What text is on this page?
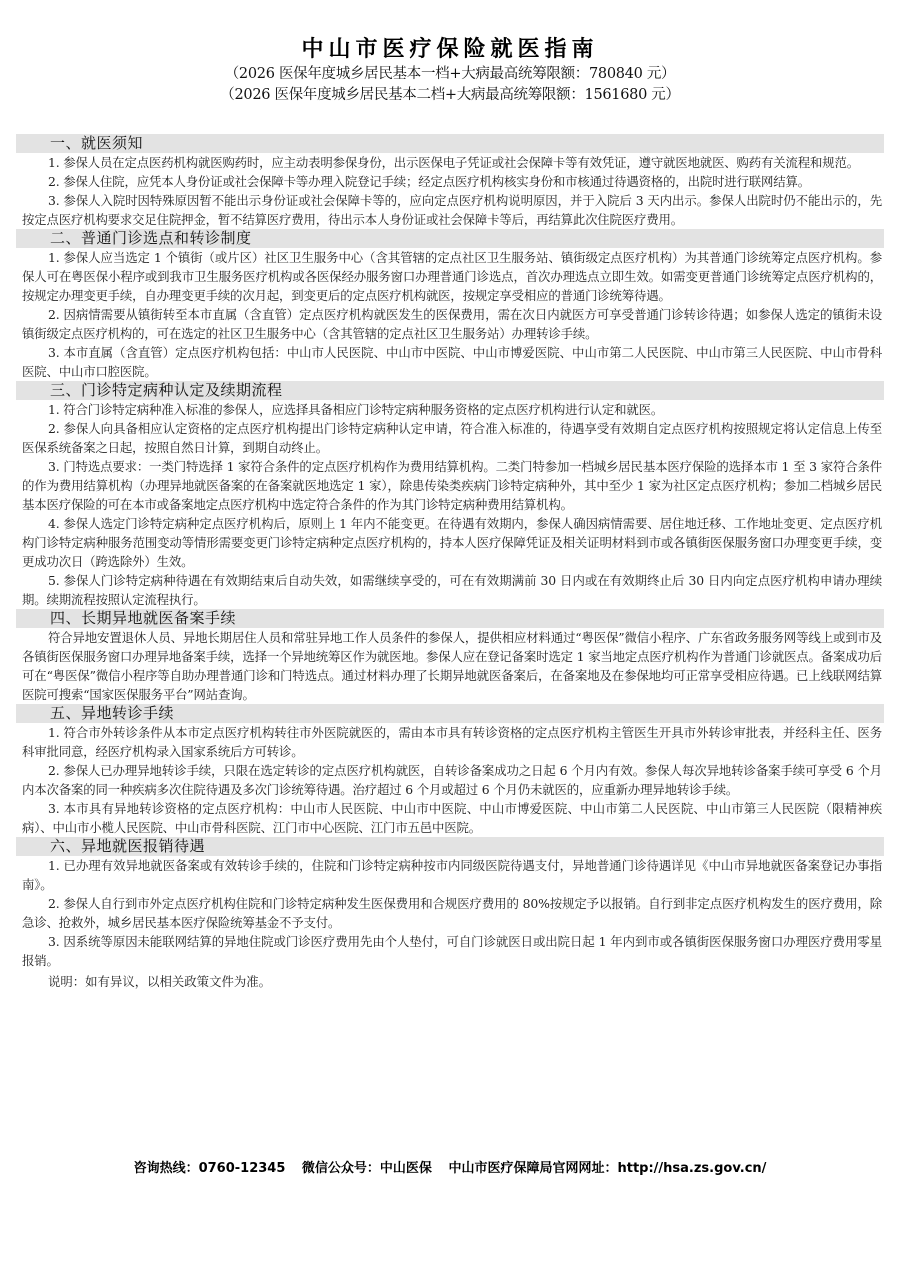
中山市医疗保险就医指南
（2026 医保年度城乡居民基本一档+大病最高统筹限额：780840 元）
（2026 医保年度城乡居民基本二档+大病最高统筹限额：1561680 元）
一、就医须知

1. 参保人员在定点医药机构就医购药时，应主动表明参保身份，出示医保电子凭证或社会保障卡等有效凭证，遵守就医地就医、购药有关流程和规范。

2. 参保人住院，应凭本人身份证或社会保障卡等办理入院登记手续；经定点医疗机构核实身份和市核通过待遇资格的，出院时进行联网结算。

3. 参保人入院时因特殊原因暂不能出示身份证或社会保障卡等的，应向定点医疗机构说明原因，并于入院后 3 天内出示。参保人出院时仍不能出示的，先按定点医疗机构要求交足住院押金，暂不结算医疗费用，待出示本人身份证或社会保障卡等后，再结算此次住院医疗费用。

二、普通门诊选点和转诊制度

1. 参保人应当选定 1 个镇街（或片区）社区卫生服务中心（含其管辖的定点社区卫生服务站、镇街级定点医疗机构）为其普通门诊统筹定点医疗机构。参保人可在粤医保小程序或到我市卫生服务医疗机构或各医保经办服务窗口办理普通门诊选点，首次办理选点立即生效。如需变更普通门诊统筹定点医疗机构的，按规定办理变更手续，自办理变更手续的次月起，到变更后的定点医疗机构就医，按规定享受相应的普通门诊统筹待遇。

2. 因病情需要从镇街转至本市直属（含直管）定点医疗机构就医发生的医保费用，需在次日内就医方可享受普通门诊转诊待遇；如参保人选定的镇街未设镇街级定点医疗机构的，可在选定的社区卫生服务中心（含其管辖的定点社区卫生服务站）办理转诊手续。

3. 本市直属（含直管）定点医疗机构包括：中山市人民医院、中山市中医院、中山市博爱医院、中山市第二人民医院、中山市第三人民医院、中山市骨科医院、中山市口腔医院。

三、门诊特定病种认定及续期流程

1. 符合门诊特定病种准入标准的参保人，应选择具备相应门诊特定病种服务资格的定点医疗机构进行认定和就医。

2. 参保人向具备相应认定资格的定点医疗机构提出门诊特定病种认定申请，符合准入标准的，待遇享受有效期自定点医疗机构按照规定将认定信息上传至医保系统备案之日起，按照自然日计算，到期自动终止。

3. 门特选点要求：一类门特选择 1 家符合条件的定点医疗机构作为费用结算机构。二类门特参加一档城乡居民基本医疗保险的选择本市 1 至 3 家符合条件的作为费用结算机构（办理异地就医备案的在备案就医地选定 1 家），除患传染类疾病门诊特定病种外，其中至少 1 家为社区定点医疗机构；参加二档城乡居民基本医疗保险的可在本市或备案地定点医疗机构中选定符合条件的作为其门诊特定病种费用结算机构。

4. 参保人选定门诊特定病种定点医疗机构后，原则上 1 年内不能变更。在待遇有效期内，参保人确因病情需要、居住地迁移、工作地址变更、定点医疗机构门诊特定病种服务范围变动等情形需要变更门诊特定病种定点医疗机构的，持本人医疗保障凭证及相关证明材料到市或各镇街医保服务窗口办理变更手续，变更成功次日（跨选除外）生效。

5. 参保人门诊特定病种待遇在有效期结束后自动失效，如需继续享受的，可在有效期满前 30 日内或在有效期终止后 30 日内向定点医疗机构申请办理续期。续期流程按照认定流程执行。

四、长期异地就医备案手续

符合异地安置退休人员、异地长期居住人员和常驻异地工作人员条件的参保人，提供相应材料通过“粤医保”微信小程序、广东省政务服务网等线上或到市及各镇街医保服务窗口办理异地备案手续，选择一个异地统筹区作为就医地。参保人应在登记备案时选定 1 家当地定点医疗机构作为普通门诊就医点。备案成功后可在“粤医保”微信小程序等自助办理普通门诊和门特选点。通过材料办理了长期异地就医备案后，在备案地及在参保地均可正常享受相应待遇。已上线联网结算医院可搜索“国家医保服务平台”网站查询。

五、异地转诊手续

1. 符合市外转诊条件从本市定点医疗机构转往市外医院就医的，需由本市具有转诊资格的定点医疗机构主管医生开具市外转诊审批表，并经科主任、医务科审批同意，经医疗机构录入国家系统后方可转诊。

2. 参保人已办理异地转诊手续，只限在选定转诊的定点医疗机构就医，自转诊备案成功之日起 6 个月内有效。参保人每次异地转诊备案手续可享受 6 个月内本次备案的同一种疾病多次住院待遇及多次门诊统筹待遇。治疗超过 6 个月或超过 6 个月仍未就医的，应重新办理异地转诊手续。

3. 本市具有异地转诊资格的定点医疗机构：中山市人民医院、中山市中医院、中山市博爱医院、中山市第二人民医院、中山市第三人民医院（限精神疾病）、中山市小榄人民医院、中山市骨科医院、江门市中心医院、江门市五邑中医院。

六、异地就医报销待遇

1. 已办理有效异地就医备案或有效转诊手续的，住院和门诊特定病种按市内同级医院待遇支付，异地普通门诊待遇详见《中山市异地就医备案登记办事指南》。

2. 参保人自行到市外定点医疗机构住院和门诊特定病种发生医保费用和合规医疗费用的 80%按规定予以报销。自行到非定点医疗机构发生的医疗费用，除急诊、抢救外，城乡居民基本医疗保险统筹基金不予支付。

3. 因系统等原因未能联网结算的异地住院或门诊医疗费用先由个人垫付，可自门诊就医日或出院日起 1 年内到市或各镇街医保服务窗口办理医疗费用零星报销。

说明：如有异议，以相关政策文件为准。

咨询热线：0760-12345 微信公众号：中山医保 中山市医疗保障局官网网址：http://hsa.zs.gov.cn/
